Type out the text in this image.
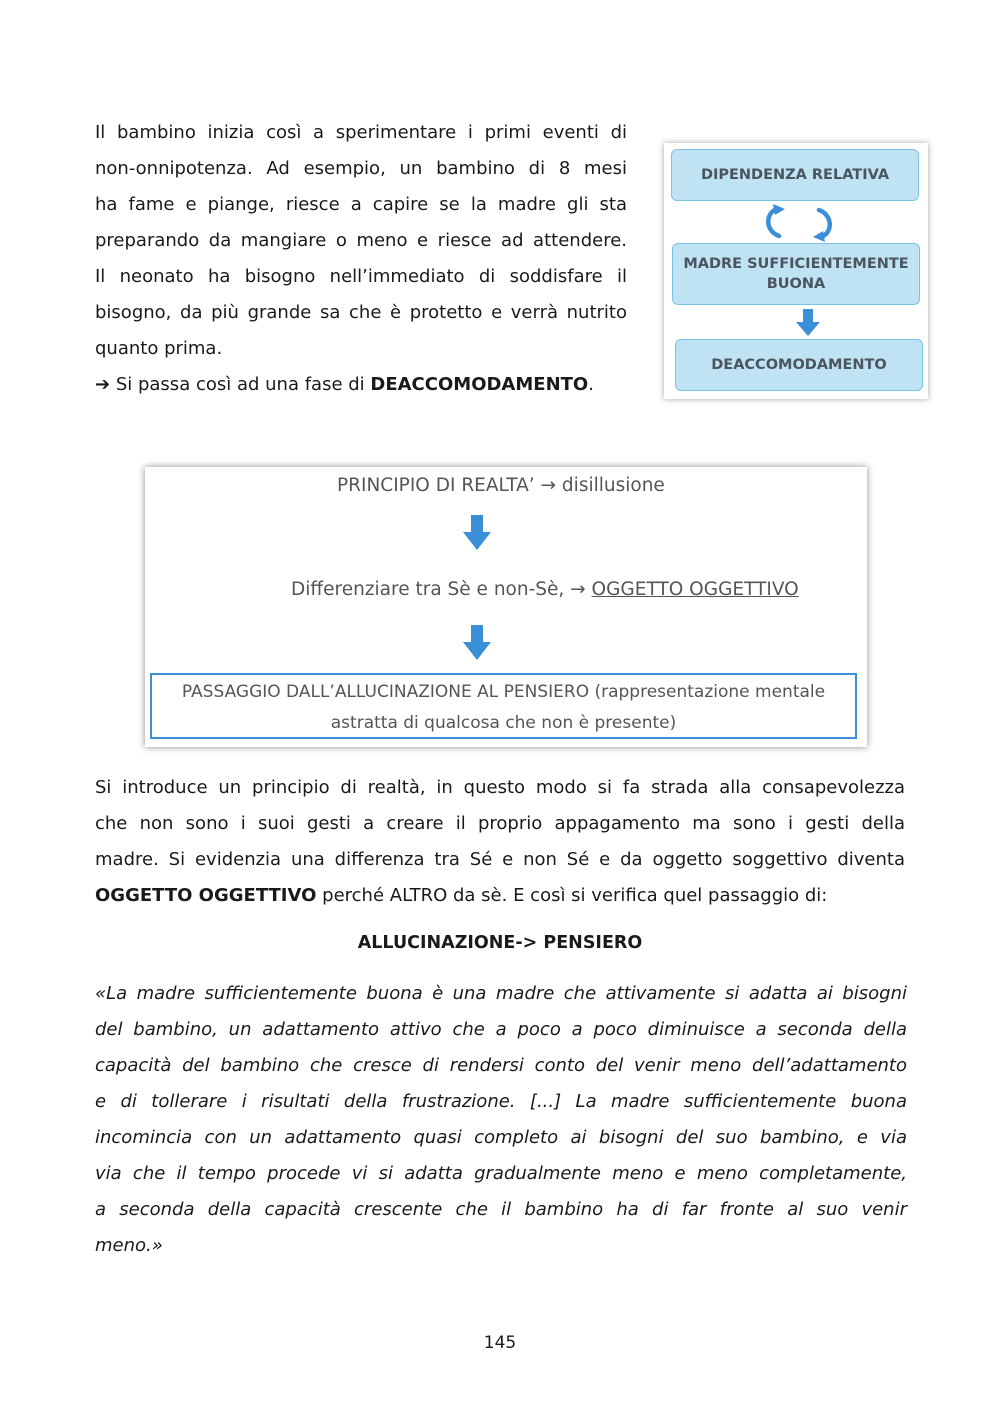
Il bambino inizia così a sperimentare i primi eventi di
non-onnipotenza. Ad esempio, un bambino di 8 mesi
ha fame e piange, riesce a capire se la madre gli sta
preparando da mangiare o meno e riesce ad attendere.
Il neonato ha bisogno nell’immediato di soddisfare il
bisogno, da più grande sa che è protetto e verrà nutrito
quanto prima.
➔ Si passa così ad una fase di DEACCOMODAMENTO.
DIPENDENZA RELATIVA
MADRE SUFFICIENTEMENTE
BUONA
DEACCOMODAMENTO
PRINCIPIO DI REALTA’ → disillusione
Differenziare tra Sè e non-Sè, → OGGETTO OGGETTIVO
PASSAGGIO DALL’ALLUCINAZIONE AL PENSIERO (rappresentazione mentale
astratta di qualcosa che non è presente)
Si introduce un principio di realtà, in questo modo si fa strada alla consapevolezza
che non sono i suoi gesti a creare il proprio appagamento ma sono i gesti della
madre. Si evidenzia una differenza tra Sé e non Sé e da oggetto soggettivo diventa
OGGETTO OGGETTIVO perché ALTRO da sè. E così si verifica quel passaggio di:
ALLUCINAZIONE-> PENSIERO
«La madre sufficientemente buona è una madre che attivamente si adatta ai bisogni
del bambino, un adattamento attivo che a poco a poco diminuisce a seconda della
capacità del bambino che cresce di rendersi conto del venir meno dell’adattamento
e di tollerare i risultati della frustrazione. [...] La madre sufficientemente buona
incomincia con un adattamento quasi completo ai bisogni del suo bambino, e via
via che il tempo procede vi si adatta gradualmente meno e meno completamente,
a seconda della capacità crescente che il bambino ha di far fronte al suo venir
meno.»
145
